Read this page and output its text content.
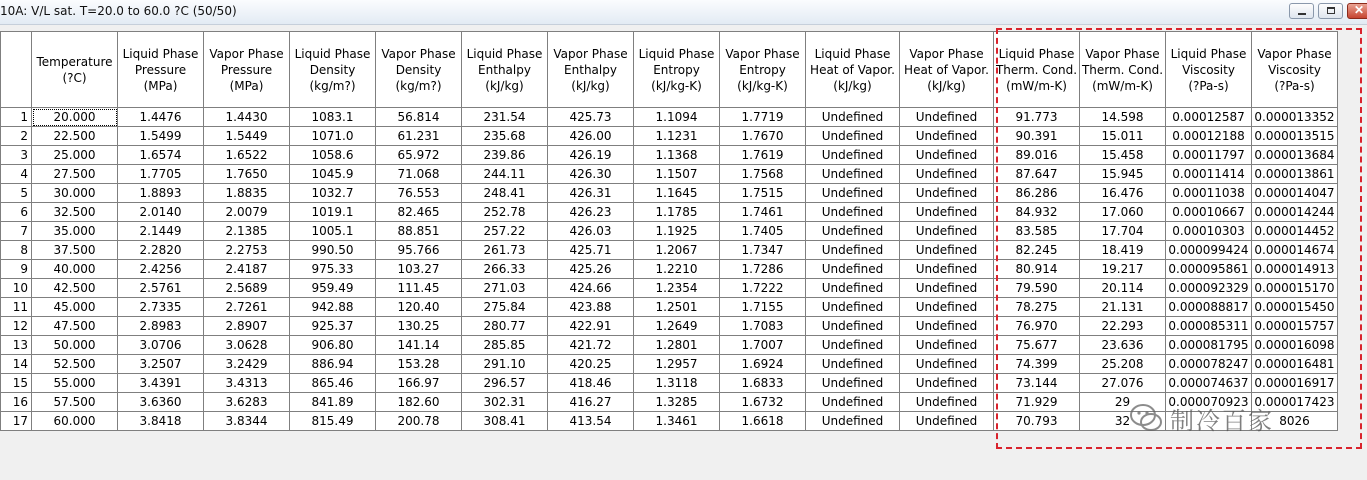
10A: V/L sat. T=20.0 to 60.0 ?C (50/50)	✕

	Temperature
(?C)	Liquid Phase
Pressure
(MPa)	Vapor Phase
Pressure
(MPa)	Liquid Phase
Density
(kg/m?)	Vapor Phase
Density
(kg/m?)	Liquid Phase
Enthalpy
(kJ/kg)	Vapor Phase
Enthalpy
(kJ/kg)	Liquid Phase
Entropy
(kJ/kg-K)	Vapor Phase
Entropy
(kJ/kg-K)	Liquid Phase
Heat of Vapor.
(kJ/kg)	Vapor Phase
Heat of Vapor.
(kJ/kg)	Liquid Phase
Therm. Cond.
(mW/m-K)	Vapor Phase
Therm. Cond.
(mW/m-K)	Liquid Phase
Viscosity
(?Pa-s)	Vapor Phase
Viscosity
(?Pa-s)

1	20.000	1.4476	1.4430	1083.1	56.814	231.54	425.73	1.1094	1.7719	Undefined	Undefined	91.773	14.598	0.00012587	0.000013352
2	22.500	1.5499	1.5449	1071.0	61.231	235.68	426.00	1.1231	1.7670	Undefined	Undefined	90.391	15.011	0.00012188	0.000013515
3	25.000	1.6574	1.6522	1058.6	65.972	239.86	426.19	1.1368	1.7619	Undefined	Undefined	89.016	15.458	0.00011797	0.000013684
4	27.500	1.7705	1.7650	1045.9	71.068	244.11	426.30	1.1507	1.7568	Undefined	Undefined	87.647	15.945	0.00011414	0.000013861
5	30.000	1.8893	1.8835	1032.7	76.553	248.41	426.31	1.1645	1.7515	Undefined	Undefined	86.286	16.476	0.00011038	0.000014047
6	32.500	2.0140	2.0079	1019.1	82.465	252.78	426.23	1.1785	1.7461	Undefined	Undefined	84.932	17.060	0.00010667	0.000014244
7	35.000	2.1449	2.1385	1005.1	88.851	257.22	426.03	1.1925	1.7405	Undefined	Undefined	83.585	17.704	0.00010303	0.000014452
8	37.500	2.2820	2.2753	990.50	95.766	261.73	425.71	1.2067	1.7347	Undefined	Undefined	82.245	18.419	0.000099424	0.000014674
9	40.000	2.4256	2.4187	975.33	103.27	266.33	425.26	1.2210	1.7286	Undefined	Undefined	80.914	19.217	0.000095861	0.000014913
10	42.500	2.5761	2.5689	959.49	111.45	271.03	424.66	1.2354	1.7222	Undefined	Undefined	79.590	20.114	0.000092329	0.000015170
11	45.000	2.7335	2.7261	942.88	120.40	275.84	423.88	1.2501	1.7155	Undefined	Undefined	78.275	21.131	0.000088817	0.000015450
12	47.500	2.8983	2.8907	925.37	130.25	280.77	422.91	1.2649	1.7083	Undefined	Undefined	76.970	22.293	0.000085311	0.000015757
13	50.000	3.0706	3.0628	906.80	141.14	285.85	421.72	1.2801	1.7007	Undefined	Undefined	75.677	23.636	0.000081795	0.000016098
14	52.500	3.2507	3.2429	886.94	153.28	291.10	420.25	1.2957	1.6924	Undefined	Undefined	74.399	25.208	0.000078247	0.000016481
15	55.000	3.4391	3.4313	865.46	166.97	296.57	418.46	1.3118	1.6833	Undefined	Undefined	73.144	27.076	0.000074637	0.000016917
16	57.500	3.6360	3.6283	841.89	182.60	302.31	416.27	1.3285	1.6732	Undefined	Undefined	71.929	29	0.000070923	0.000017423
17	60.000	3.8418	3.8344	815.49	200.78	308.41	413.54	1.3461	1.6618	Undefined	Undefined	70.793	32		8026
制冷百家
